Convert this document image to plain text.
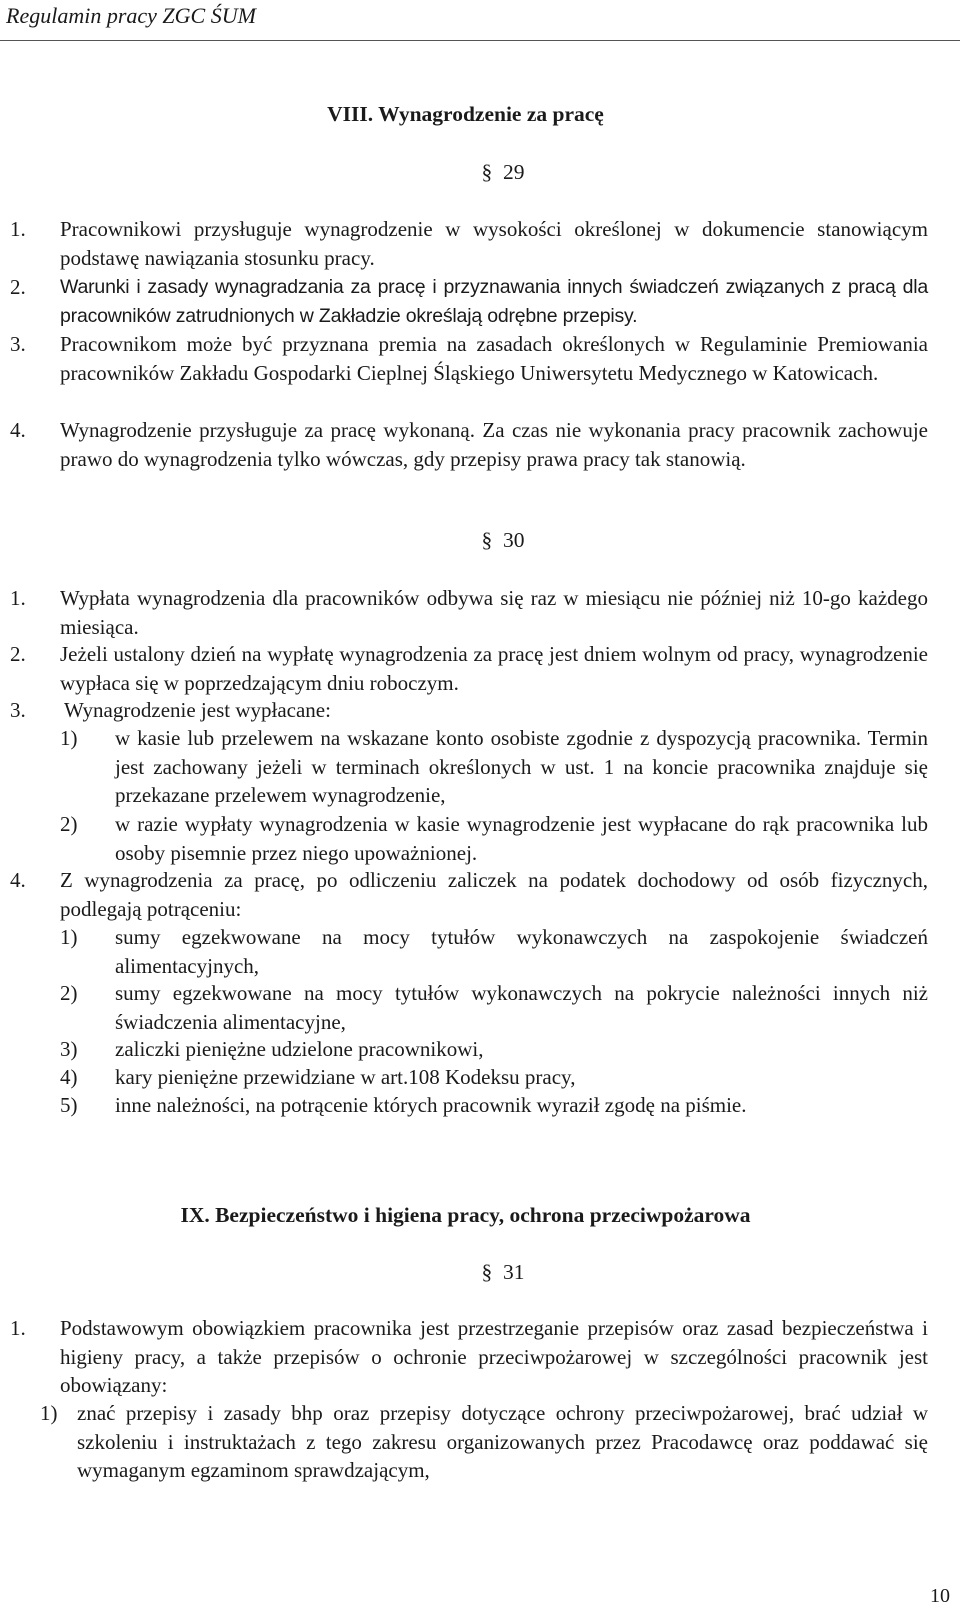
Regulamin pracy ZGC ŚUM
VIII. Wynagrodzenie za pracę
§ 29
1. Pracownikowi przysługuje wynagrodzenie w wysokości określonej w dokumencie stanowiącym podstawę nawiązania stosunku pracy.
2. Warunki i zasady wynagradzania za pracę i przyznawania innych świadczeń związanych z pracą dla pracowników zatrudnionych w Zakładzie określają odrębne przepisy.
3. Pracownikom może być przyznana premia na zasadach określonych w Regulaminie Premiowania pracowników Zakładu Gospodarki Cieplnej Śląskiego Uniwersytetu Medycznego w Katowicach.
4. Wynagrodzenie przysługuje za pracę wykonaną. Za czas nie wykonania pracy pracownik zachowuje prawo do wynagrodzenia tylko wówczas, gdy przepisy prawa pracy tak stanowią.
§ 30
1. Wypłata wynagrodzenia dla pracowników odbywa się raz w miesiącu nie później niż 10-go każdego miesiąca.
2. Jeżeli ustalony dzień na wypłatę wynagrodzenia za pracę jest dniem wolnym od pracy, wynagrodzenie wypłaca się w poprzedzającym dniu roboczym.
3. Wynagrodzenie jest wypłacane:
1) w kasie lub przelewem na wskazane konto osobiste zgodnie z dyspozycją pracownika. Termin jest zachowany jeżeli w terminach określonych w ust. 1 na koncie pracownika znajduje się przekazane przelewem wynagrodzenie,
2) w razie wypłaty wynagrodzenia w kasie wynagrodzenie jest wypłacane do rąk pracownika lub osoby pisemnie przez niego upoważnionej.
4. Z wynagrodzenia za pracę, po odliczeniu zaliczek na podatek dochodowy od osób fizycznych, podlegają potrąceniu:
1) sumy egzekwowane na mocy tytułów wykonawczych na zaspokojenie świadczeń alimentacyjnych,
2) sumy egzekwowane na mocy tytułów wykonawczych na pokrycie należności innych niż świadczenia alimentacyjne,
3) zaliczki pieniężne udzielone pracownikowi,
4) kary pieniężne przewidziane w art.108 Kodeksu pracy,
5) inne należności, na potrącenie których pracownik wyraził zgodę na piśmie.
IX. Bezpieczeństwo i higiena pracy, ochrona przeciwpożarowa
§ 31
1. Podstawowym obowiązkiem pracownika jest przestrzeganie przepisów oraz zasad bezpieczeństwa i higieny pracy, a także przepisów o ochronie przeciwpożarowej w szczególności pracownik jest obowiązany:
1) znać przepisy i zasady bhp oraz przepisy dotyczące ochrony przeciwpożarowej, brać udział w szkoleniu i instruktażach z tego zakresu organizowanych przez Pracodawcę oraz poddawać się wymaganym egzaminom sprawdzającym,
10
